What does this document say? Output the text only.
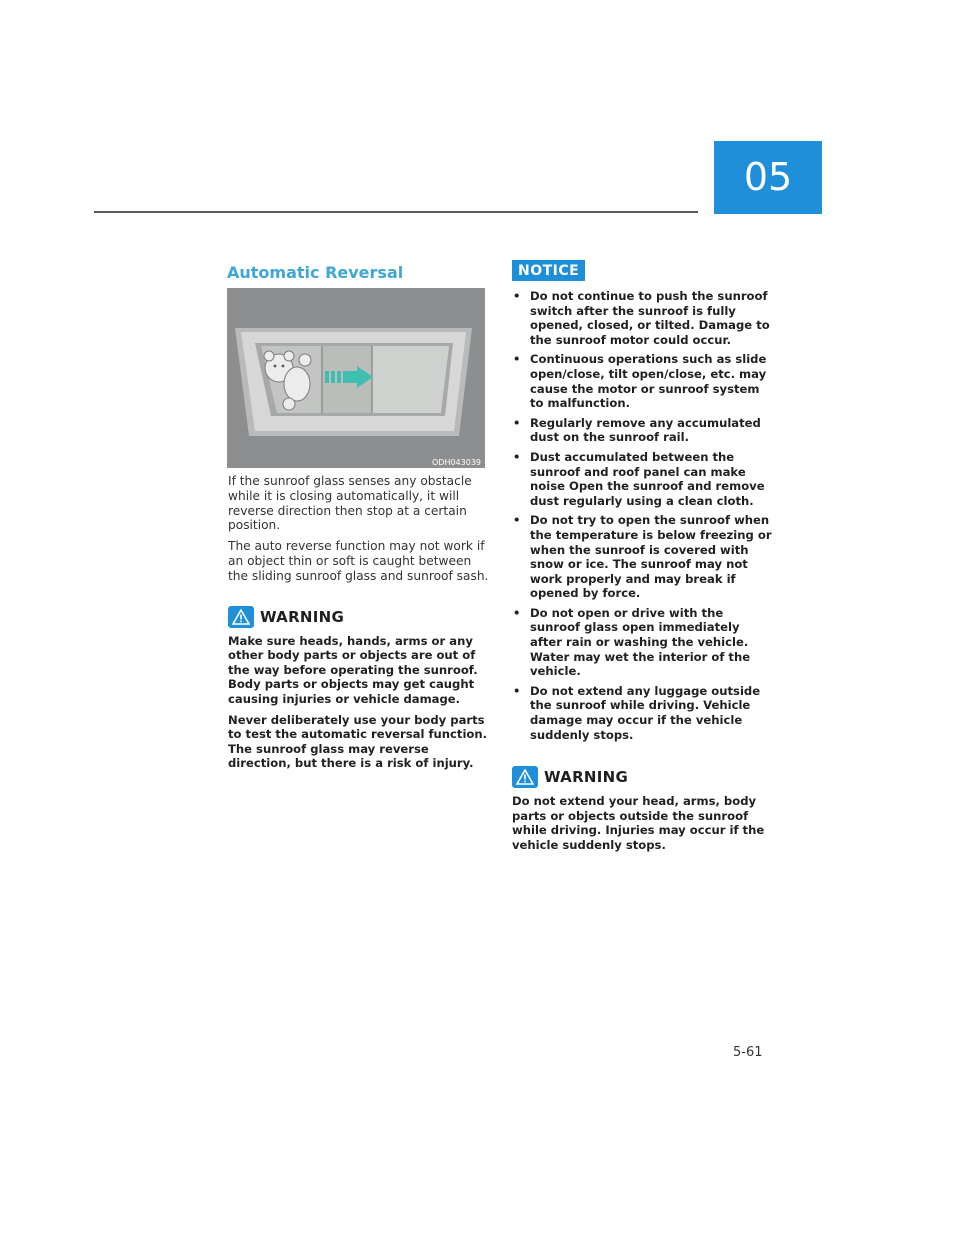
05
Automatic Reversal
ODH043039

If the sunroof glass senses any obstacle while it is closing automatically, it will reverse direction then stop at a certain position.

The auto reverse function may not work if an object thin or soft is caught between the sliding sunroof glass and sunroof sash.

WARNING

Make sure heads, hands, arms or any other body parts or objects are out of the way before operating the sunroof. Body parts or objects may get caught causing injuries or vehicle damage.

Never deliberately use your body parts to test the automatic reversal function. The sunroof glass may reverse direction, but there is a risk of injury.

NOTICE
• Do not continue to push the sunroof switch after the sunroof is fully opened, closed, or tilted. Damage to the sunroof motor could occur.
• Continuous operations such as slide open/close, tilt open/close, etc. may cause the motor or sunroof system to malfunction.
• Regularly remove any accumulated dust on the sunroof rail.
• Dust accumulated between the sunroof and roof panel can make noise Open the sunroof and remove dust regularly using a clean cloth.
• Do not try to open the sunroof when the temperature is below freezing or when the sunroof is covered with snow or ice. The sunroof may not work properly and may break if opened by force.
• Do not open or drive with the sunroof glass open immediately after rain or washing the vehicle. Water may wet the interior of the vehicle.
• Do not extend any luggage outside the sunroof while driving. Vehicle damage may occur if the vehicle suddenly stops.
WARNING

Do not extend your head, arms, body parts or objects outside the sunroof while driving. Injuries may occur if the vehicle suddenly stops.

5-61
